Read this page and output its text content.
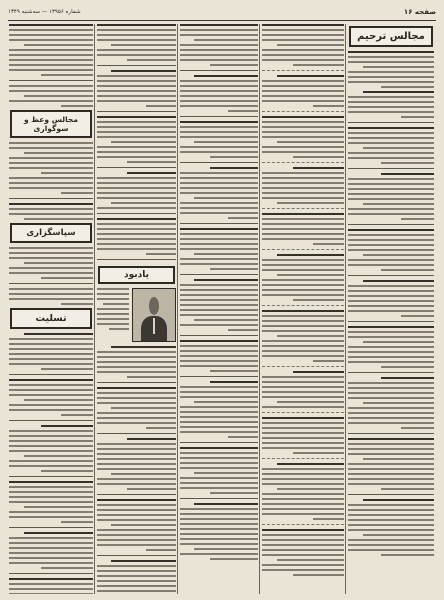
صفحه ۱۶
شماره ۱۳۹۵۶ — سه‌شنبه ۱۳۴۹
مجالس ترحیم
یادبود
مجالس وعظ و سوگواری
سپاسگزاری
تسلیت
